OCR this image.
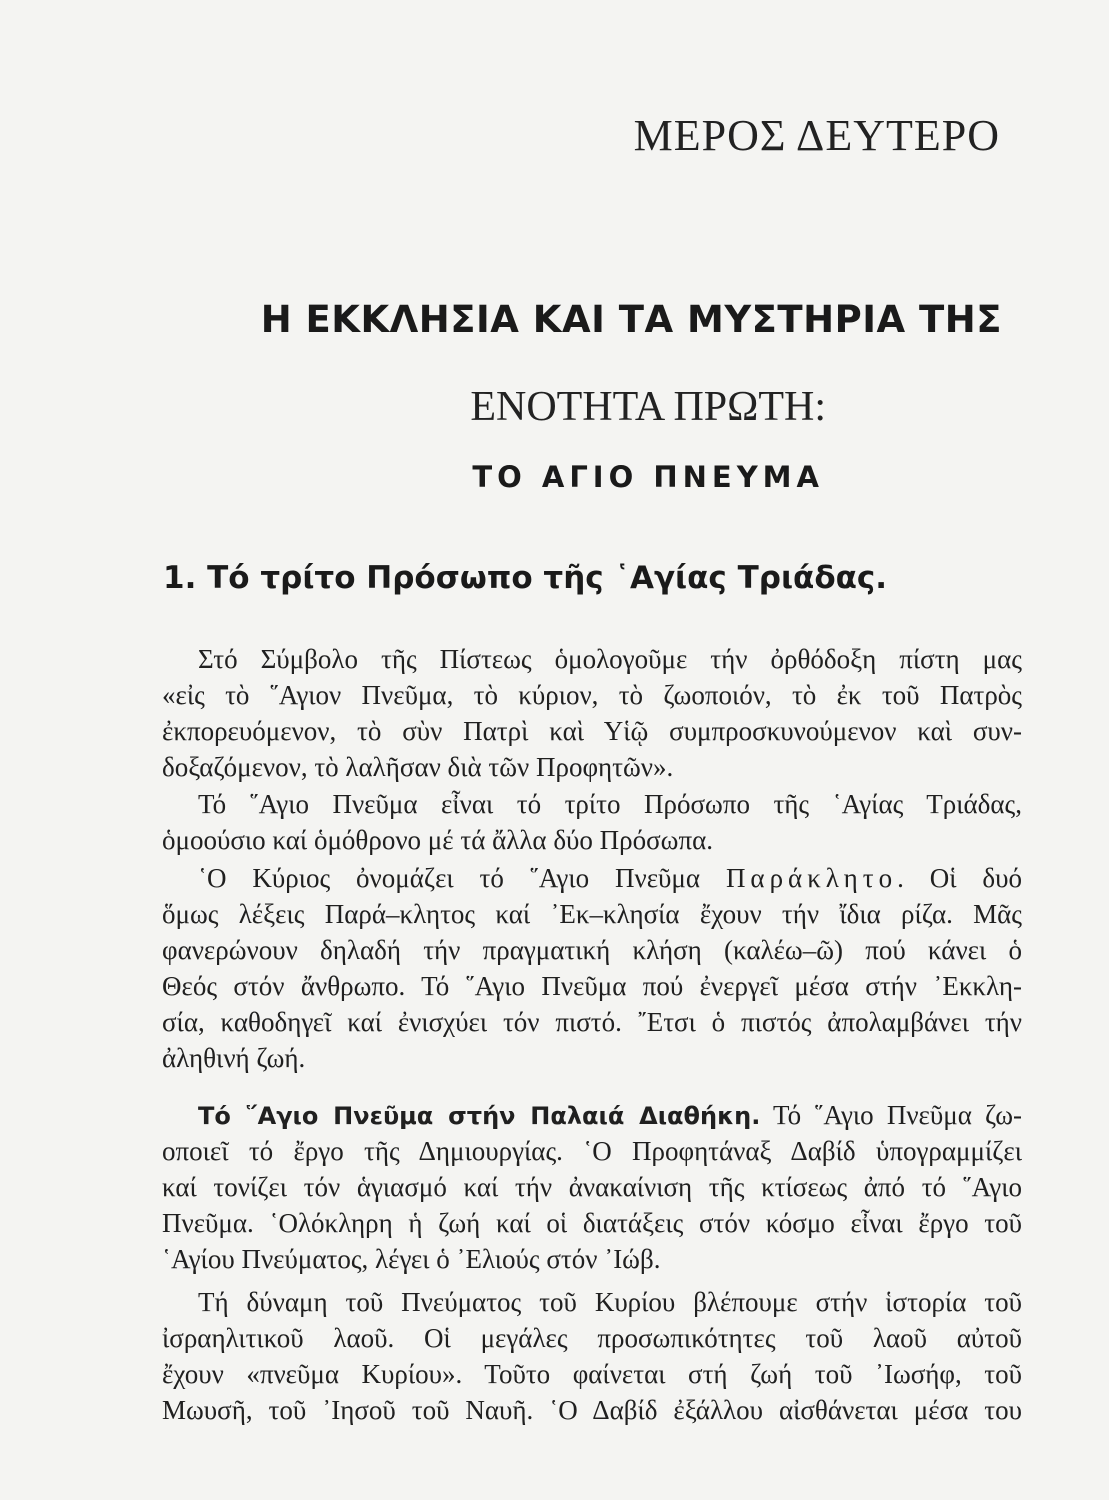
ΜΕΡΟΣ ΔΕΥΤΕΡΟ
Η ΕΚΚΛΗΣΙΑ ΚΑΙ ΤΑ ΜΥΣΤΗΡΙΑ ΤΗΣ
ΕΝΟΤΗΤΑ ΠΡΩΤΗ:
ΤΟ ΑΓΙΟ ΠΝΕΥΜΑ
1. Τό τρίτο Πρόσωπο τῆς ῾Αγίας Τριάδας.
Στό Σύμβολο τῆς Πίστεως ὁμολογοῦμε τήν ὀρθόδοξη πίστη μας
«εἰς τὸ ῞Αγιον Πνεῦμα, τὸ κύριον, τὸ ζωοποιόν, τὸ ἐκ τοῦ Πατρὸς
ἐκπορευόμενον, τὸ σὺν Πατρὶ καὶ Υἱῷ συμπροσκυνούμενον καὶ συν-
δοξαζόμενον, τὸ λαλῆσαν διὰ τῶν Προφητῶν».
Τό ῞Αγιο Πνεῦμα εἶναι τό τρίτο Πρόσωπο τῆς ῾Αγίας Τριάδας,
ὁμοούσιο καί ὁμόθρονο μέ τά ἄλλα δύο Πρόσωπα.
῾Ο Κύριος ὀνομάζει τό ῞Αγιο Πνεῦμα Παράκλητο. Οἱ δυό
ὅμως λέξεις Παρά–κλητος καί ᾿Εκ–κλησία ἔχουν τήν ἴδια ρίζα. Μᾶς
φανερώνουν δηλαδή τήν πραγματική κλήση (καλέω–ῶ) πού κάνει ὁ
Θεός στόν ἄνθρωπο. Τό ῞Αγιο Πνεῦμα πού ἐνεργεῖ μέσα στήν ᾿Εκκλη-
σία, καθοδηγεῖ καί ἐνισχύει τόν πιστό. ῎Ετσι ὁ πιστός ἀπολαμβάνει τήν
ἀληθινή ζωή.
Τό ῞Αγιο Πνεῦμα στήν Παλαιά Διαθήκη. Τό ῞Αγιο Πνεῦμα ζω-
οποιεῖ τό ἔργο τῆς Δημιουργίας. ῾Ο Προφητάναξ Δαβίδ ὑπογραμμίζει
καί τονίζει τόν ἁγιασμό καί τήν ἀνακαίνιση τῆς κτίσεως ἀπό τό ῞Αγιο
Πνεῦμα. ῾Ολόκληρη ἡ ζωή καί οἱ διατάξεις στόν κόσμο εἶναι ἔργο τοῦ
῾Αγίου Πνεύματος, λέγει ὁ ᾿Ελιούς στόν ᾿Ιώβ.
Τή δύναμη τοῦ Πνεύματος τοῦ Κυρίου βλέπουμε στήν ἱστορία τοῦ
ἰσραηλιτικοῦ λαοῦ. Οἱ μεγάλες προσωπικότητες τοῦ λαοῦ αὐτοῦ
ἔχουν «πνεῦμα Κυρίου». Τοῦτο φαίνεται στή ζωή τοῦ ᾿Ιωσήφ, τοῦ
Μωυσῆ, τοῦ ᾿Ιησοῦ τοῦ Ναυῆ. ῾Ο Δαβίδ ἐξάλλου αἰσθάνεται μέσα του
